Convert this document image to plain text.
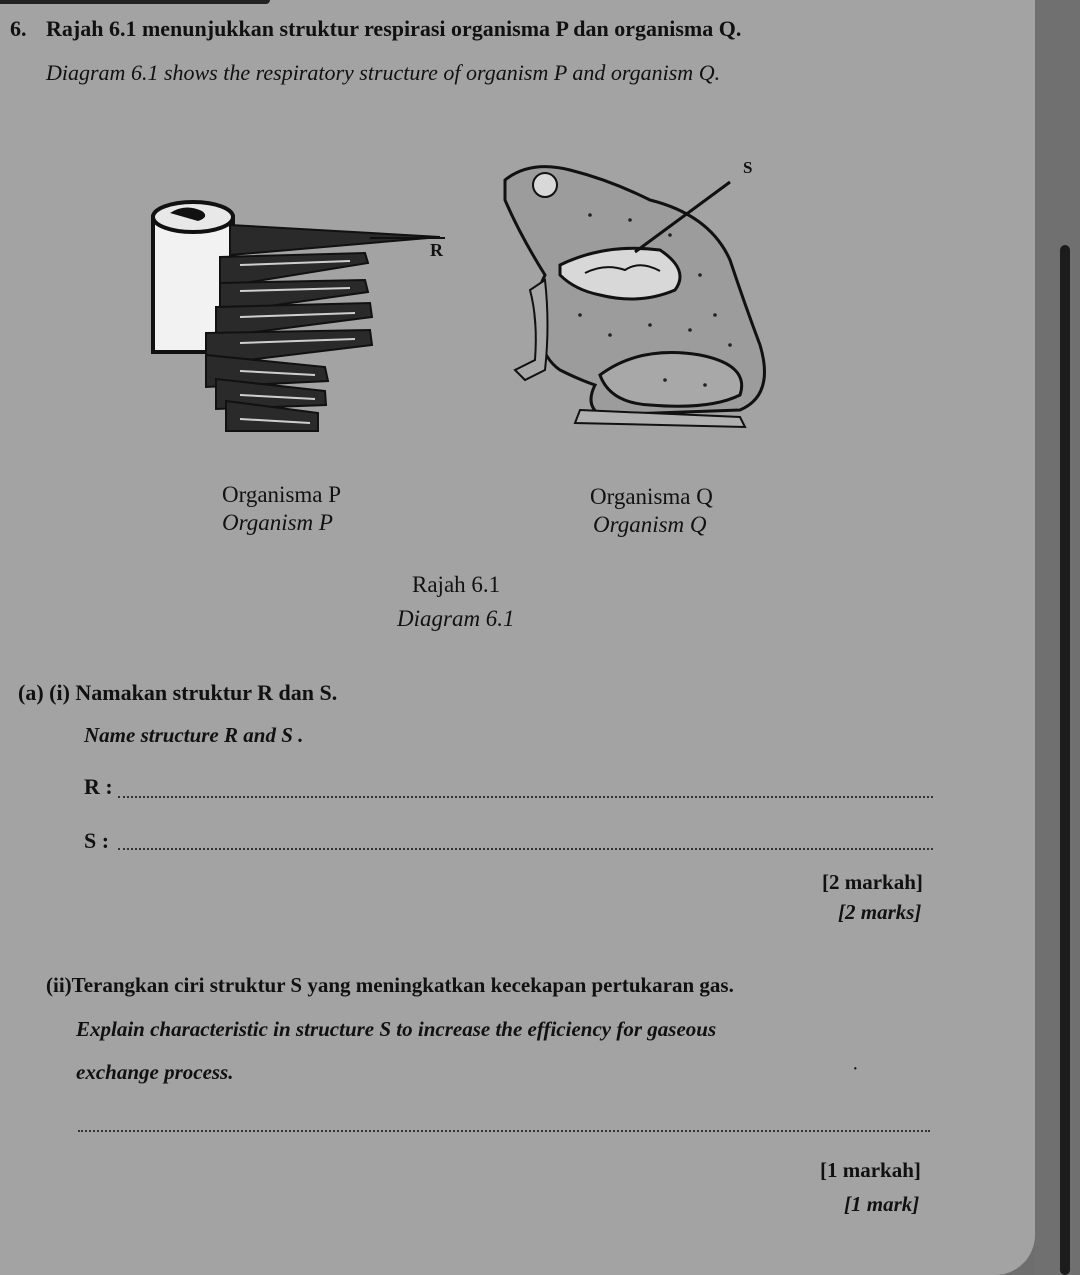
6. Rajah 6.1 menunjukkan struktur respirasi organisma P dan organisma Q.
Diagram 6.1 shows the respiratory structure of organism P and organism Q.
R
S
Organisma P
Organism P
Organisma Q
Organism Q
Rajah 6.1
Diagram 6.1
(a) (i) Namakan struktur R dan S.
Name structure R and S .
R :
S :
[2 markah]
[2 marks]
(ii)Terangkan ciri struktur S yang meningkatkan kecekapan pertukaran gas.
Explain characteristic in structure S to increase the efficiency for gaseous
exchange process.	·
[1 markah]
[1 mark]
